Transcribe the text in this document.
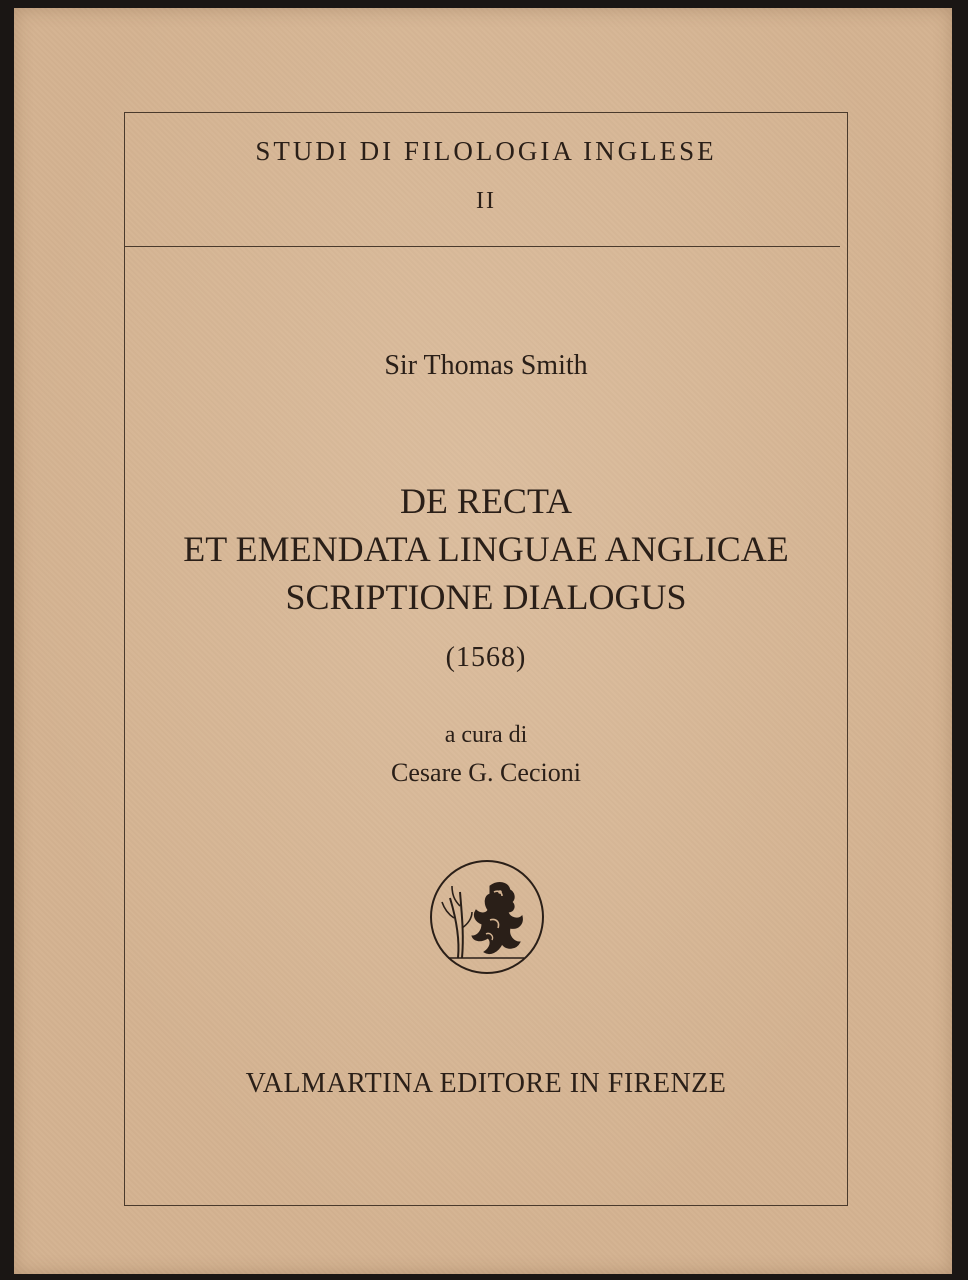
STUDI DI FILOLOGIA INGLESE
II
Sir Thomas Smith
DE RECTA
ET EMENDATA LINGUAE ANGLICAE
SCRIPTIONE DIALOGUS
(1568)
a cura di
Cesare G. Cecioni
VALMARTINA EDITORE IN FIRENZE
